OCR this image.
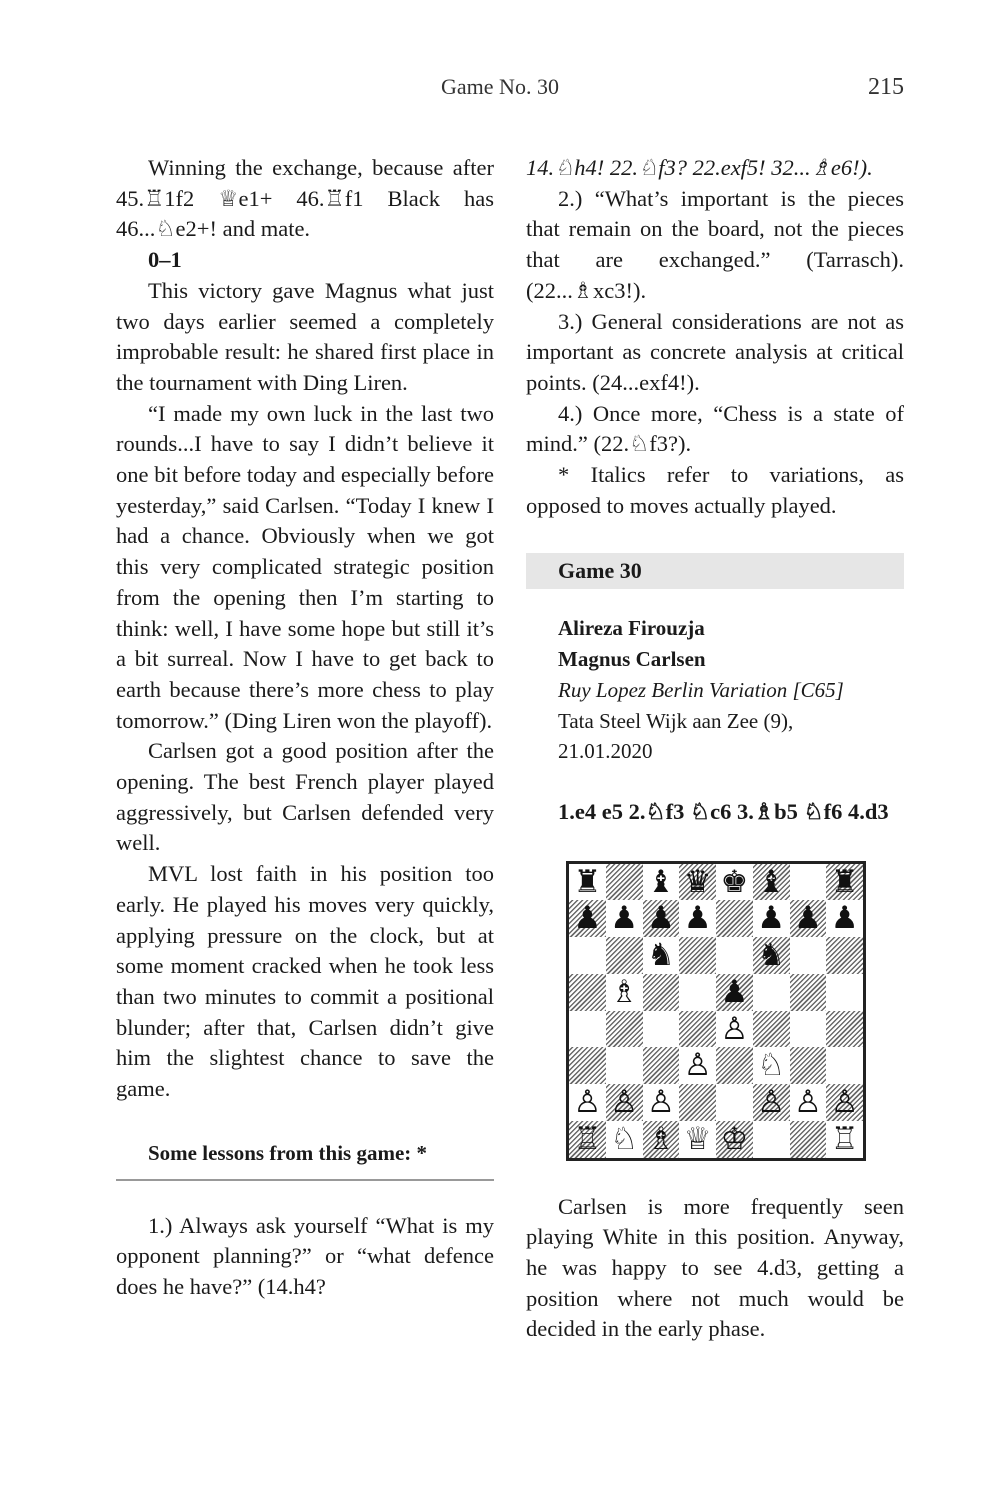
Game No. 30	215

Winning the exchange, because after 45.♖1f2 ♕e1+ 46.♖f1 Black has 46...♘e2+! and mate.

0–1

This victory gave Magnus what just two days earlier seemed a completely improbable result: he shared first place in the tournament with Ding Liren.

“I made my own luck in the last two rounds...I have to say I didn’t believe it one bit before today and especially before yesterday,” said Carlsen. “Today I knew I had a chance. Obviously when we got this very complicated strategic position from the opening then I’m starting to think: well, I have some hope but still it’s a bit surreal. Now I have to get back to earth because there’s more chess to play tomorrow.” (Ding Liren won the playoff).

Carlsen got a good position after the opening. The best French player played aggressively, but Carlsen defended very well.

MVL lost faith in his position too early. He played his moves very quickly, applying pressure on the clock, but at some moment cracked when he took less than two minutes to commit a positional blunder; after that, Carlsen didn’t give him the slightest chance to save the game.

Some lessons from this game: *

1.) Always ask yourself “What is my opponent planning?” or “what defence does he have?” (14.h4?

14.♘h4! 22.♘f3? 22.exf5! 32...♗e6!).

2.) “What’s important is the pieces that remain on the board, not the pieces that are exchanged.” (Tarrasch). (22...♗xc3!).

3.) General considerations are not as important as concrete analysis at critical points. (24...exf4!).

4.) Once more, “Chess is a state of mind.” (22.♘f3?).

* Italics refer to variations, as opposed to moves actually played.

Game 30
Alireza Firouzja
Magnus Carlsen
Ruy Lopez Berlin Variation [C65]
Tata Steel Wijk aan Zee (9),
21.01.2020

1.e4 e5 2.♘f3 ♘c6 3.♗b5 ♘f6 4.d3

♜ ♝ ♛ ♚ ♝ ♜
♟ ♟ ♟ ♟ ♟ ♟ ♟
♞	♞
♗	♟
♙
♙ ♘
♙ ♙ ♙	♙ ♙ ♙
♖ ♘ ♗ ♕ ♔	♖

Carlsen is more frequently seen playing White in this position. Anyway, he was happy to see 4.d3, getting a position where not much would be decided in the early phase.
